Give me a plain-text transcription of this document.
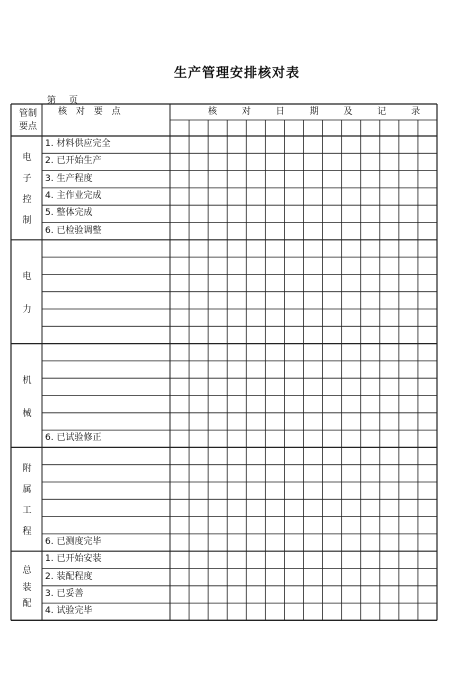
生产管理安排核对表
第 页
管制要点
核 对 要 点	核 对 日 期 及 记 录
1. 材料供应完全
2. 已开始生产
3. 生产程度
4. 主作业完成
5. 整体完成
6. 已检验调整
电
子
控
制
电
力
6. 已试验修正
机
械
6. 已测度完毕
附
属
工
程
1. 已开始安装
2. 装配程度
3. 已妥善
4. 试验完毕
总
装
配
